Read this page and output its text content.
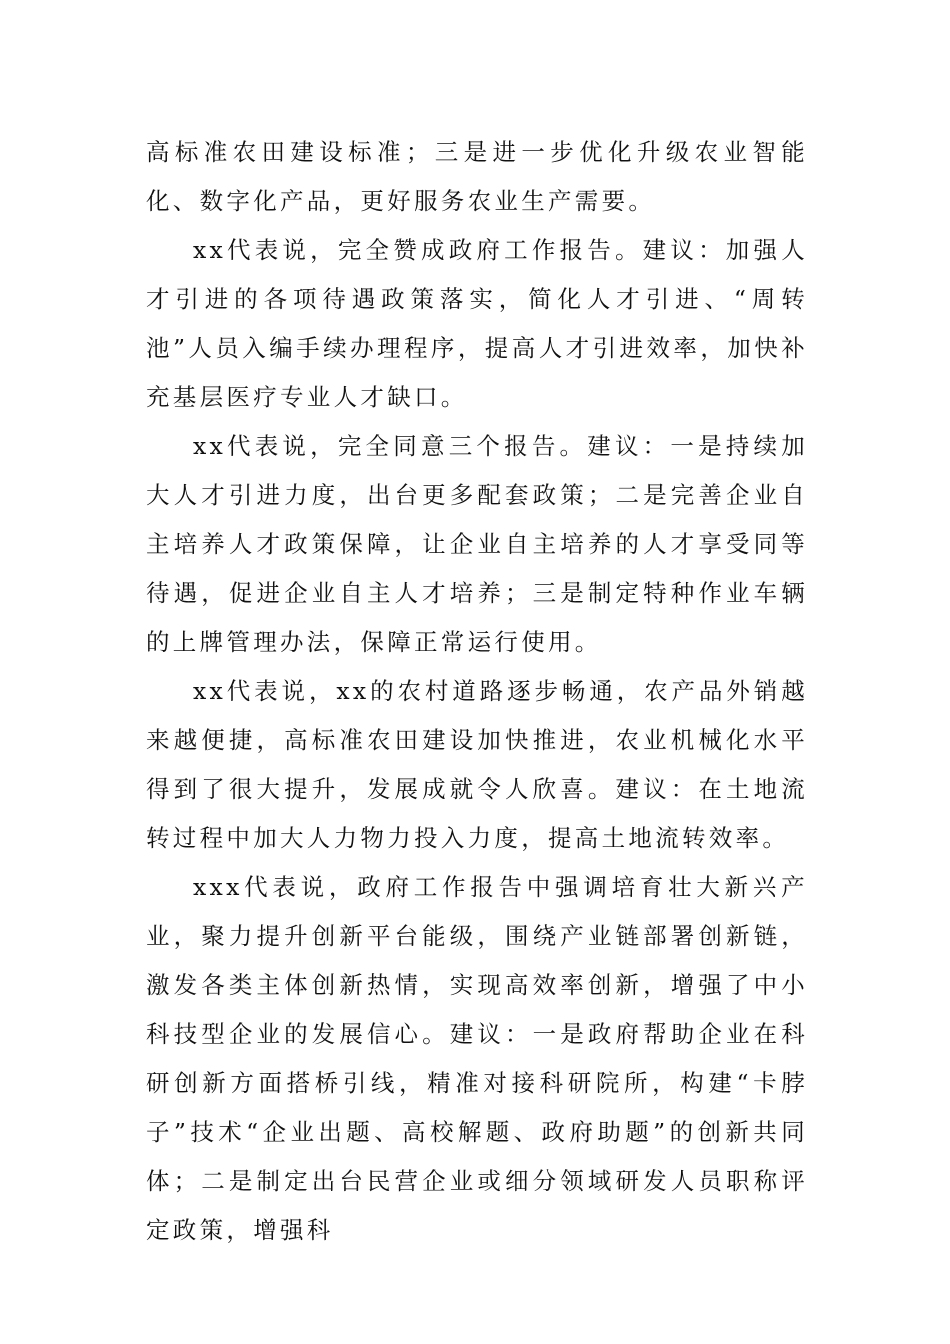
高标准农田建设标准；三是进一步优化升级农业智能化、数字化产品，更好服务农业生产需要。

xx代表说，完全赞成政府工作报告。建议：加强人才引进的各项待遇政策落实，简化人才引进、“周转池”人员入编手续办理程序，提高人才引进效率，加快补充基层医疗专业人才缺口。

xx代表说，完全同意三个报告。建议：一是持续加大人才引进力度，出台更多配套政策；二是完善企业自主培养人才政策保障，让企业自主培养的人才享受同等待遇，促进企业自主人才培养；三是制定特种作业车辆的上牌管理办法，保障正常运行使用。

xx代表说，xx的农村道路逐步畅通，农产品外销越来越便捷，高标准农田建设加快推进，农业机械化水平得到了很大提升，发展成就令人欣喜。建议：在土地流转过程中加大人力物力投入力度，提高土地流转效率。

xxx代表说，政府工作报告中强调培育壮大新兴产业，聚力提升创新平台能级，围绕产业链部署创新链，激发各类主体创新热情，实现高效率创新，增强了中小科技型企业的发展信心。建议：一是政府帮助企业在科研创新方面搭桥引线，精准对接科研院所，构建“卡脖子”技术“企业出题、高校解题、政府助题”的创新共同体；二是制定出台民营企业或细分领域研发人员职称评定政策，增强科
